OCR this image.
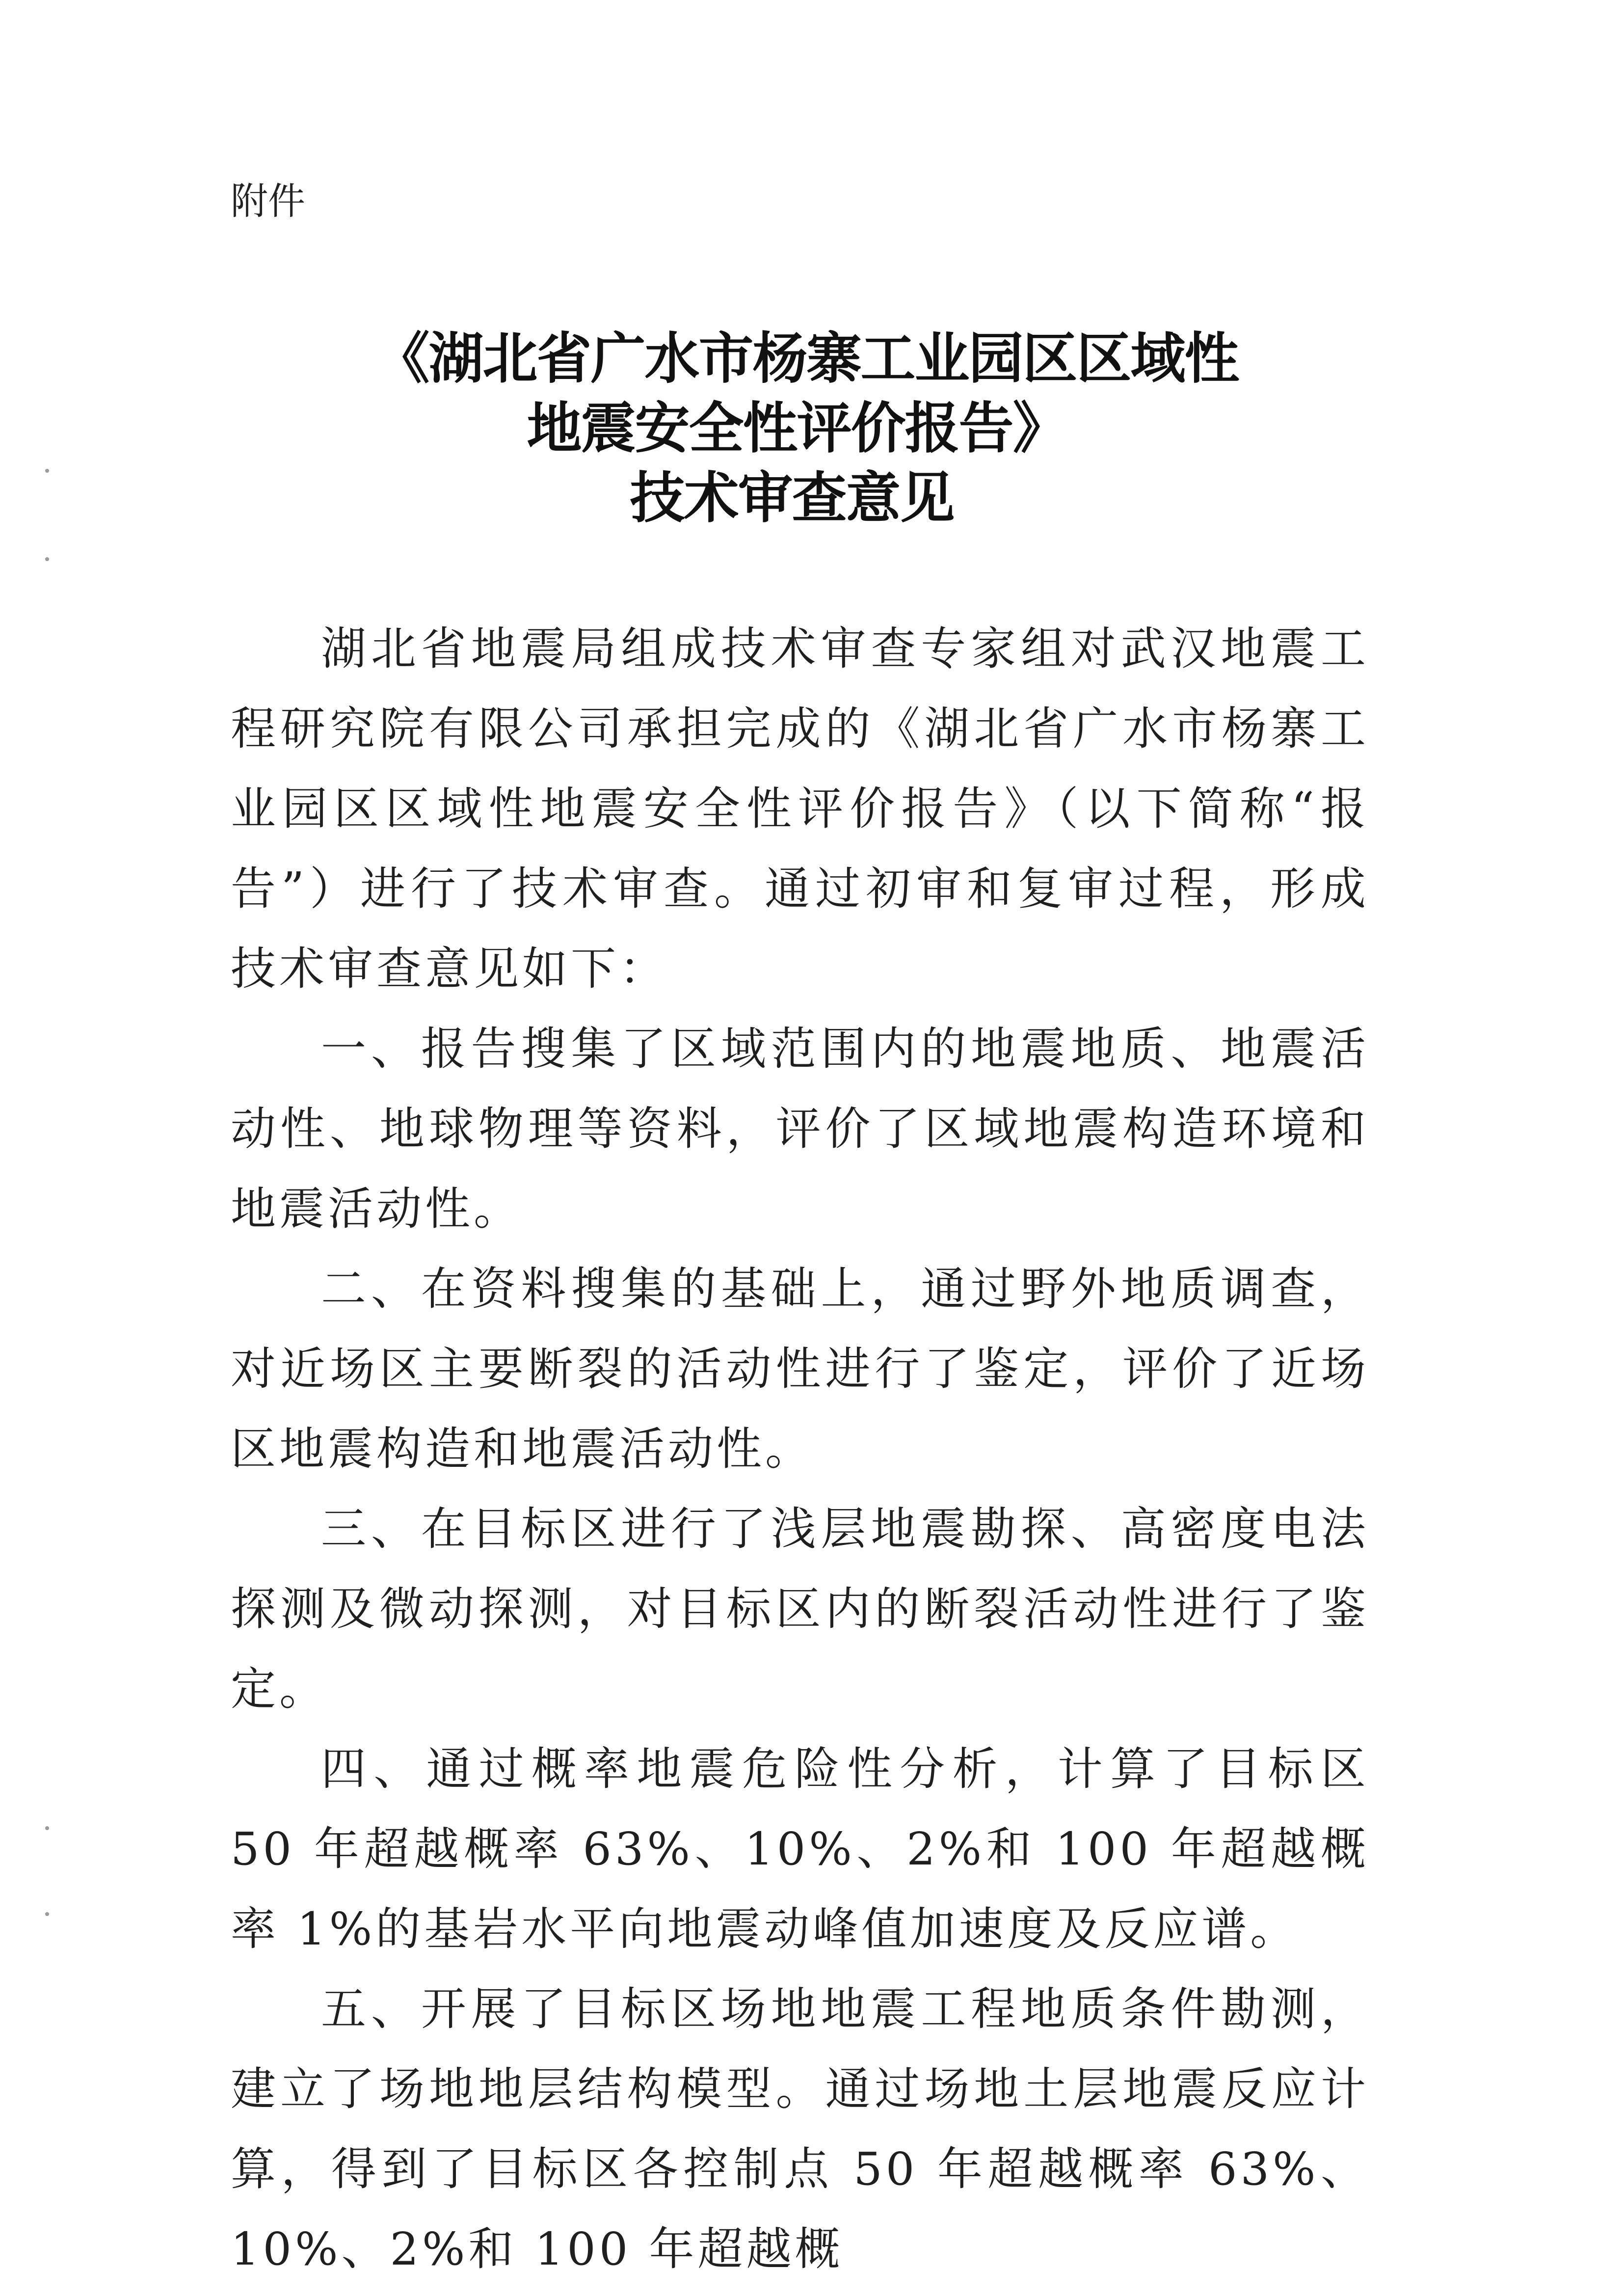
附件
《湖北省广水市杨寨工业园区区域性
地震安全性评价报告》
技术审查意见

湖北省地震局组成技术审查专家组对武汉地震工程研究院有限公司承担完成的《湖北省广水市杨寨工业园区区域性地震安全性评价报告》（以下简称“报告”）进行了技术审查。通过初审和复审过程，形成技术审查意见如下：

一、报告搜集了区域范围内的地震地质、地震活动性、地球物理等资料，评价了区域地震构造环境和地震活动性。

二、在资料搜集的基础上，通过野外地质调查，对近场区主要断裂的活动性进行了鉴定，评价了近场区地震构造和地震活动性。

三、在目标区进行了浅层地震勘探、高密度电法探测及微动探测，对目标区内的断裂活动性进行了鉴定。

四、通过概率地震危险性分析，计算了目标区 50 年超越概率 63%、10%、2%和 100 年超越概率 1%的基岩水平向地震动峰值加速度及反应谱。

五、开展了目标区场地地震工程地质条件勘测，建立了场地地层结构模型。通过场地土层地震反应计算，得到了目标区各控制点 50 年超越概率 63%、10%、2%和 100 年超越概
